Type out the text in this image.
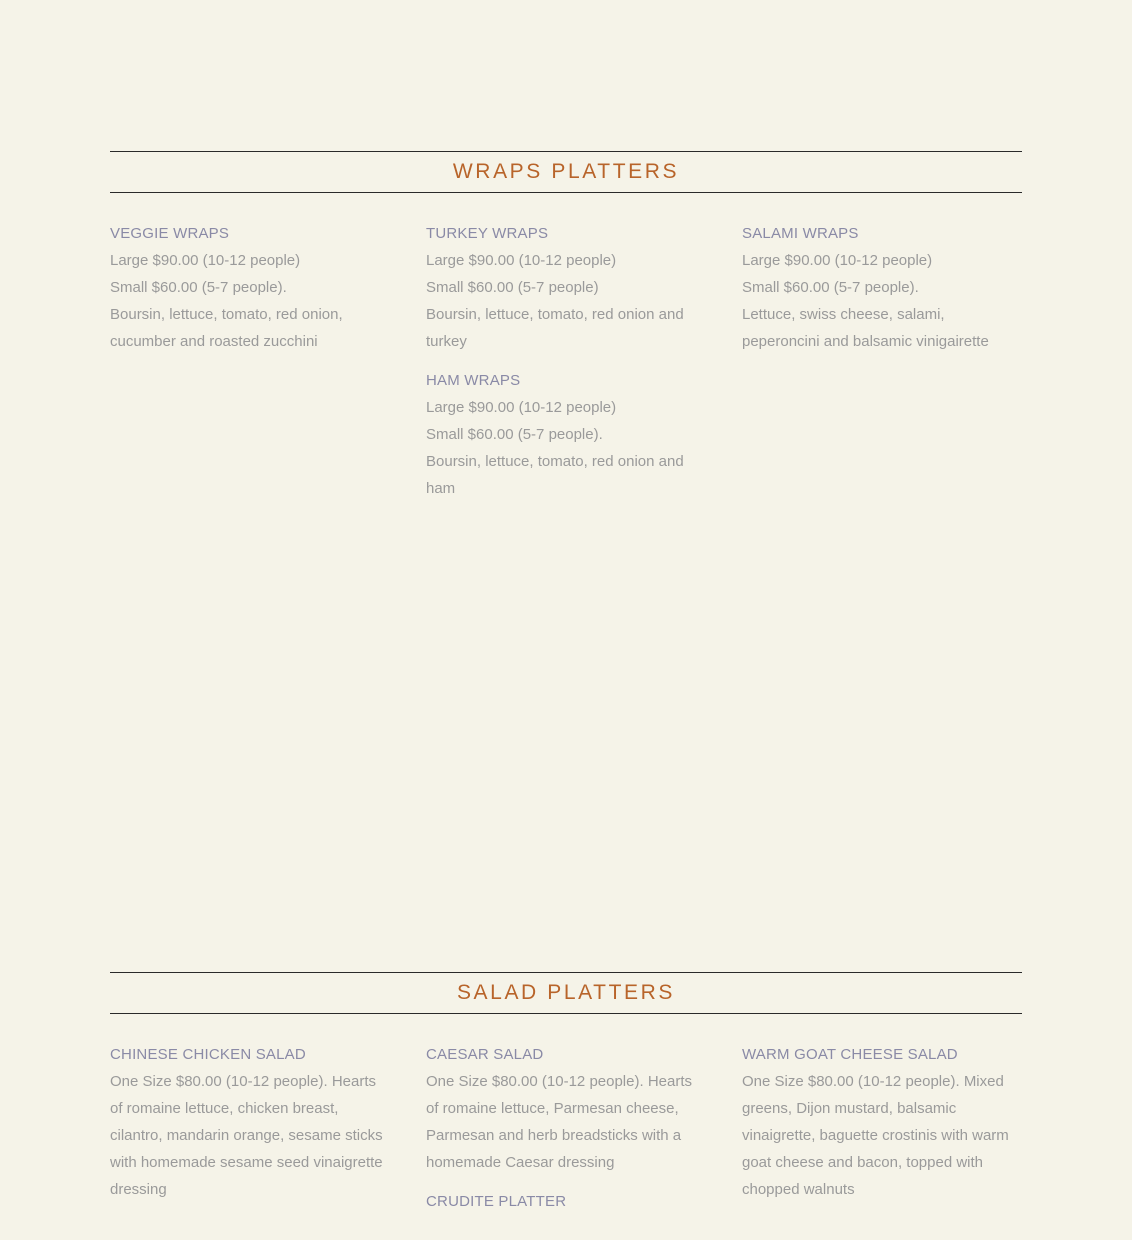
WRAPS PLATTERS

VEGGIE WRAPS

Large $90.00 (10-12 people)

Small $60.00 (5-7 people).

Boursin, lettuce, tomato, red onion, cucumber and roasted zucchini

TURKEY WRAPS

Large $90.00 (10-12 people)

Small $60.00 (5-7 people)

Boursin, lettuce, tomato, red onion and turkey

HAM WRAPS

Large $90.00 (10-12 people)

Small $60.00 (5-7 people).

Boursin, lettuce, tomato, red onion and ham

SALAMI WRAPS

Large $90.00 (10-12 people)

Small $60.00 (5-7 people).

Lettuce, swiss cheese, salami, peperoncini and balsamic vinigairette

SALAD PLATTERS

CHINESE CHICKEN SALAD

One Size $80.00 (10-12 people). Hearts of romaine lettuce, chicken breast, cilantro, mandarin orange, sesame sticks with homemade sesame seed vinaigrette dressing

CAESAR SALAD

One Size $80.00 (10-12 people). Hearts of romaine lettuce, Parmesan cheese, Parmesan and herb breadsticks with a homemade Caesar dressing

CRUDITE PLATTER

WARM GOAT CHEESE SALAD

One Size $80.00 (10-12 people). Mixed greens, Dijon mustard, balsamic vinaigrette, baguette crostinis with warm goat cheese and bacon, topped with chopped walnuts
